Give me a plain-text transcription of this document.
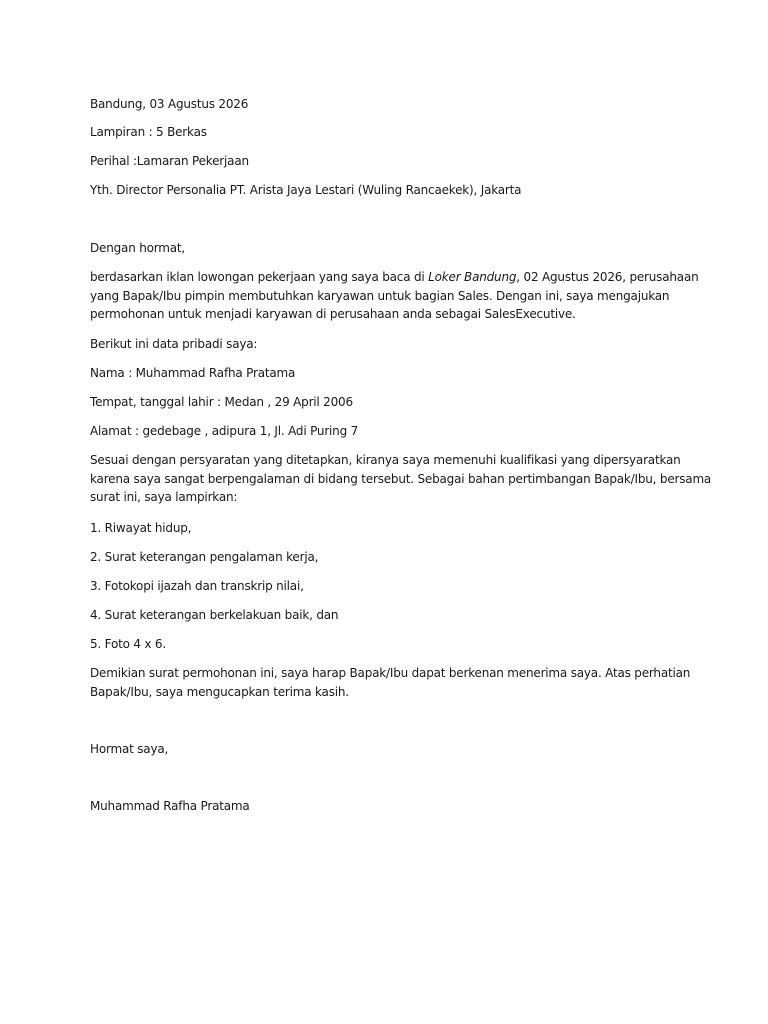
Bandung, 03 Agustus 2026

Lampiran : 5 Berkas

Perihal :Lamaran Pekerjaan

Yth. Director Personalia PT. Arista Jaya Lestari (Wuling Rancaekek), Jakarta

Dengan hormat,

berdasarkan iklan lowongan pekerjaan yang saya baca di Loker Bandung, 02 Agustus 2026, perusahaan

yang Bapak/Ibu pimpin membutuhkan karyawan untuk bagian Sales. Dengan ini, saya mengajukan

permohonan untuk menjadi karyawan di perusahaan anda sebagai SalesExecutive.

Berikut ini data pribadi saya:

Nama : Muhammad Rafha Pratama

Tempat, tanggal lahir : Medan , 29 April 2006

Alamat : gedebage , adipura 1, Jl. Adi Puring 7

Sesuai dengan persyaratan yang ditetapkan, kiranya saya memenuhi kualifikasi yang dipersyaratkan

karena saya sangat berpengalaman di bidang tersebut. Sebagai bahan pertimbangan Bapak/Ibu, bersama

surat ini, saya lampirkan:

1. Riwayat hidup,

2. Surat keterangan pengalaman kerja,

3. Fotokopi ijazah dan transkrip nilai,

4. Surat keterangan berkelakuan baik, dan

5. Foto 4 x 6.

Demikian surat permohonan ini, saya harap Bapak/Ibu dapat berkenan menerima saya. Atas perhatian

Bapak/Ibu, saya mengucapkan terima kasih.

Hormat saya,

Muhammad Rafha Pratama
